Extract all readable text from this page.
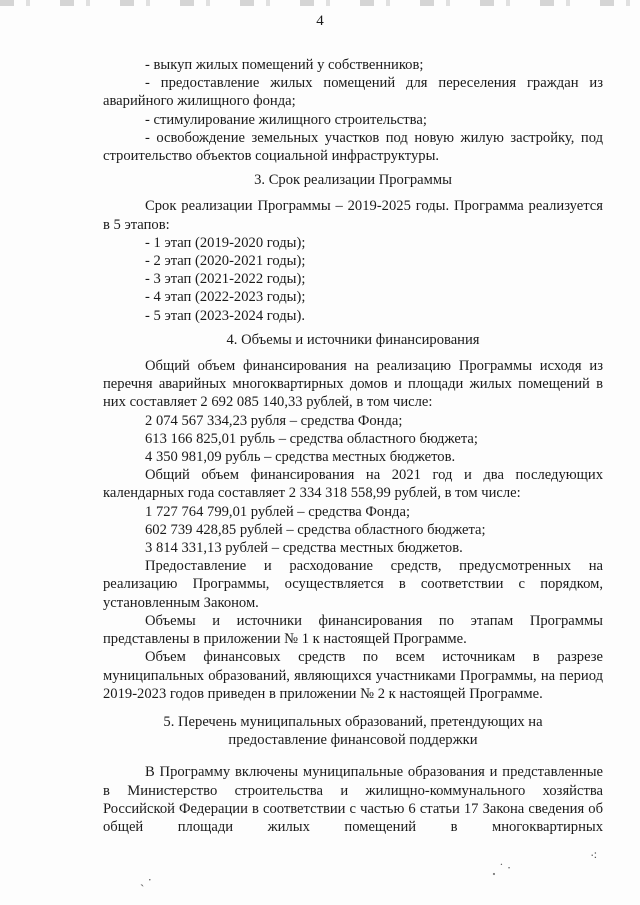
4

- выкуп жилых помещений у собственников;

- предоставление жилых помещений для переселения граждан из аварийного жилищного фонда;

- стимулирование жилищного строительства;

- освобождение земельных участков под новую жилую застройку, под строительство объектов социальной инфраструктуры.

3. Срок реализации Программы

Срок реализации Программы – 2019-2025 годы. Программа реализуется в 5 этапов:

- 1 этап (2019-2020 годы);

- 2 этап (2020-2021 годы);

- 3 этап (2021-2022 годы);

- 4 этап (2022-2023 годы);

- 5 этап (2023-2024 годы).

4. Объемы и источники финансирования

Общий объем финансирования на реализацию Программы исходя из перечня аварийных многоквартирных домов и площади жилых помещений в них составляет 2 692 085 140,33 рублей, в том числе:

2 074 567 334,23 рубля – средства Фонда;

613 166 825,01 рубль – средства областного бюджета;

4 350 981,09 рубль – средства местных бюджетов.

Общий объем финансирования на 2021 год и два последующих календарных года составляет 2 334 318 558,99 рублей, в том числе:

1 727 764 799,01 рублей – средства Фонда;

602 739 428,85 рублей – средства областного бюджета;

3 814 331,13 рублей – средства местных бюджетов.

Предоставление и расходование средств, предусмотренных на реализацию Программы, осуществляется в соответствии с порядком, установленным Законом.

Объемы и источники финансирования по этапам Программы представлены в приложении № 1 к настоящей Программе.

Объем финансовых средств по всем источникам в разрезе муниципальных образований, являющихся участниками Программы, на период 2019-2023 годов приведен в приложении № 2 к настоящей Программе.

5. Перечень муниципальных образований, претендующих на

предоставление финансовой поддержки

В Программу включены муниципальные образования и представленные в Министерство строительства и жилищно-коммунального хозяйства Российской Федерации в соответствии с частью 6 статьи 17 Закона сведения об общей площади жилых помещений в многоквартирных

⸼ ˙ ·
⁖
ˎ ·
